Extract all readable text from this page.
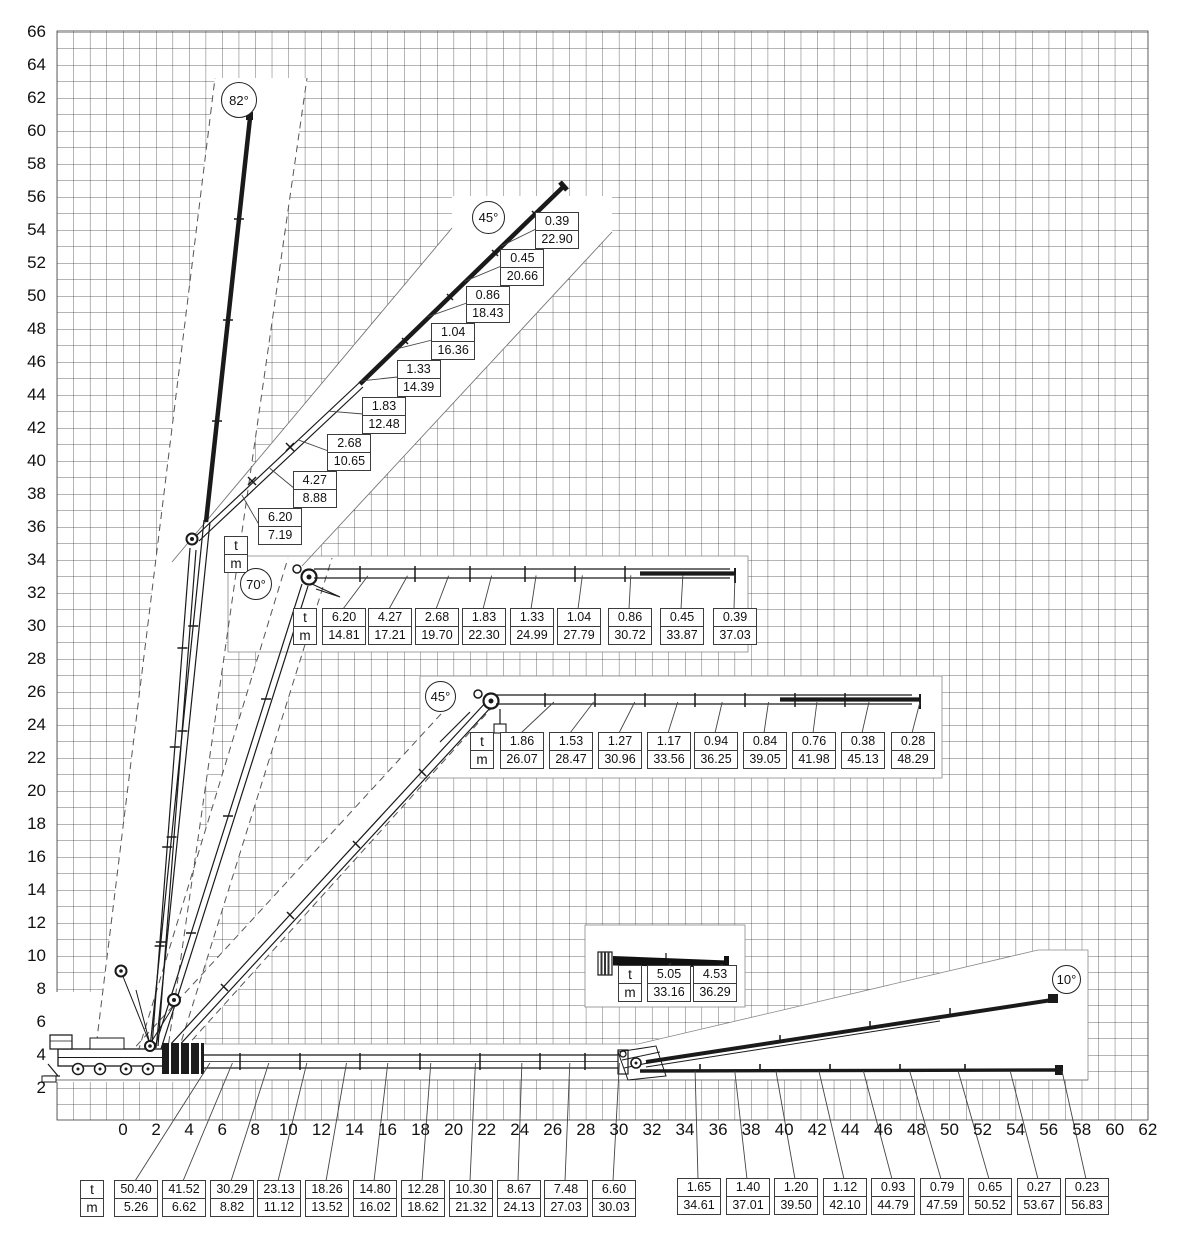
82°
45°
70°
45°
10°
t
m
0.39
22.90
0.45
20.66
0.86
18.43
1.04
16.36
1.33
14.39
1.83
12.48
2.68
10.65
4.27
8.88
6.20
7.19
t
m
6.20
14.81
4.27
17.21
2.68
19.70
1.83
22.30
1.33
24.99
1.04
27.79
0.86
30.72
0.45
33.87
0.39
37.03
t
m
1.86
26.07
1.53
28.47
1.27
30.96
1.17
33.56
0.94
36.25
0.84
39.05
0.76
41.98
0.38
45.13
0.28
48.29
t
m
5.05
33.16
4.53
36.29
t
m
50.40
5.26
41.52
6.62
30.29
8.82
23.13
11.12
18.26
13.52
14.80
16.02
12.28
18.62
10.30
21.32
8.67
24.13
7.48
27.03
6.60
30.03
1.65
34.61
1.40
37.01
1.20
39.50
1.12
42.10
0.93
44.79
0.79
47.59
0.65
50.52
0.27
53.67
0.23
56.83
0 2 4 6 8 10 12 14 16 18 20 22 24 26 28 30 32 34 36 38 40 42 44 46 48 50 52 54 56 58 60 62
2
4
6
8
10
12
14
16
18
20
22
24
26
28
30
32
34
36
38
40
42
44
46
48
50
52
54
56
58
60
62
64
66
